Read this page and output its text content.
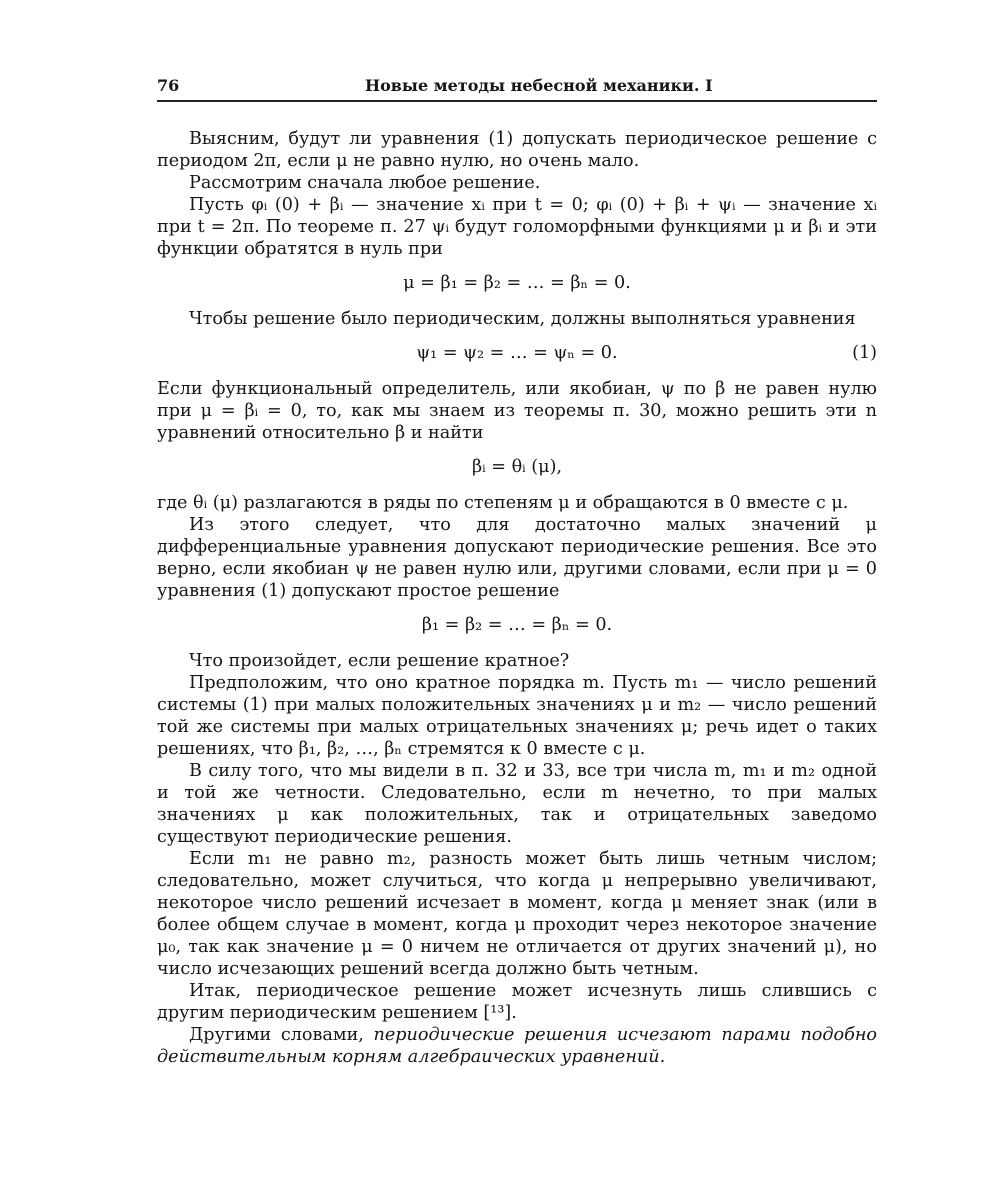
76	Новые методы небесной механики. I

Выясним, будут ли уравнения (1) допускать периодическое решение с периодом 2π, если μ не равно нулю, но очень мало.

Рассмотрим сначала любое решение.

Пусть φᵢ (0) + βᵢ — значение xᵢ при t = 0; φᵢ (0) + βᵢ + ψᵢ — значение xᵢ при t = 2π. По теореме п. 27 ψᵢ будут голоморфными функциями μ и βᵢ и эти функции обратятся в нуль при

μ = β₁ = β₂ = … = βₙ = 0.

Чтобы решение было периодическим, должны выполняться уравнения

ψ₁ = ψ₂ = … = ψₙ = 0.	(1)

Если функциональный определитель, или якобиан, ψ по β не равен нулю при μ = βᵢ = 0, то, как мы знаем из теоремы п. 30, можно решить эти n уравнений относительно β и найти

βᵢ = θᵢ (μ),

где θᵢ (μ) разлагаются в ряды по степеням μ и обращаются в 0 вместе с μ.

Из этого следует, что для достаточно малых значений μ дифференциальные уравнения допускают периодические решения. Все это верно, если якобиан ψ не равен нулю или, другими словами, если при μ = 0 уравнения (1) допускают простое решение

β₁ = β₂ = … = βₙ = 0.

Что произойдет, если решение кратное?

Предположим, что оно кратное порядка m. Пусть m₁ — число решений системы (1) при малых положительных значениях μ и m₂ — число решений той же системы при малых отрицательных значениях μ; речь идет о таких решениях, что β₁, β₂, …, βₙ стремятся к 0 вместе с μ.

В силу того, что мы видели в п. 32 и 33, все три числа m, m₁ и m₂ одной и той же четности. Следовательно, если m нечетно, то при малых значениях μ как положительных, так и отрицательных заведомо существуют периодические решения.

Если m₁ не равно m₂, разность может быть лишь четным числом; следовательно, может случиться, что когда μ непрерывно увеличивают, некоторое число решений исчезает в момент, когда μ меняет знак (или в более общем случае в момент, когда μ проходит через некоторое значение μ₀, так как значение μ = 0 ничем не отличается от других значений μ), но число исчезающих решений всегда должно быть четным.

Итак, периодическое решение может исчезнуть лишь слившись с другим периодическим решением [¹³].

Другими словами, периодические решения исчезают парами подобно действительным корням алгебраических уравнений.
